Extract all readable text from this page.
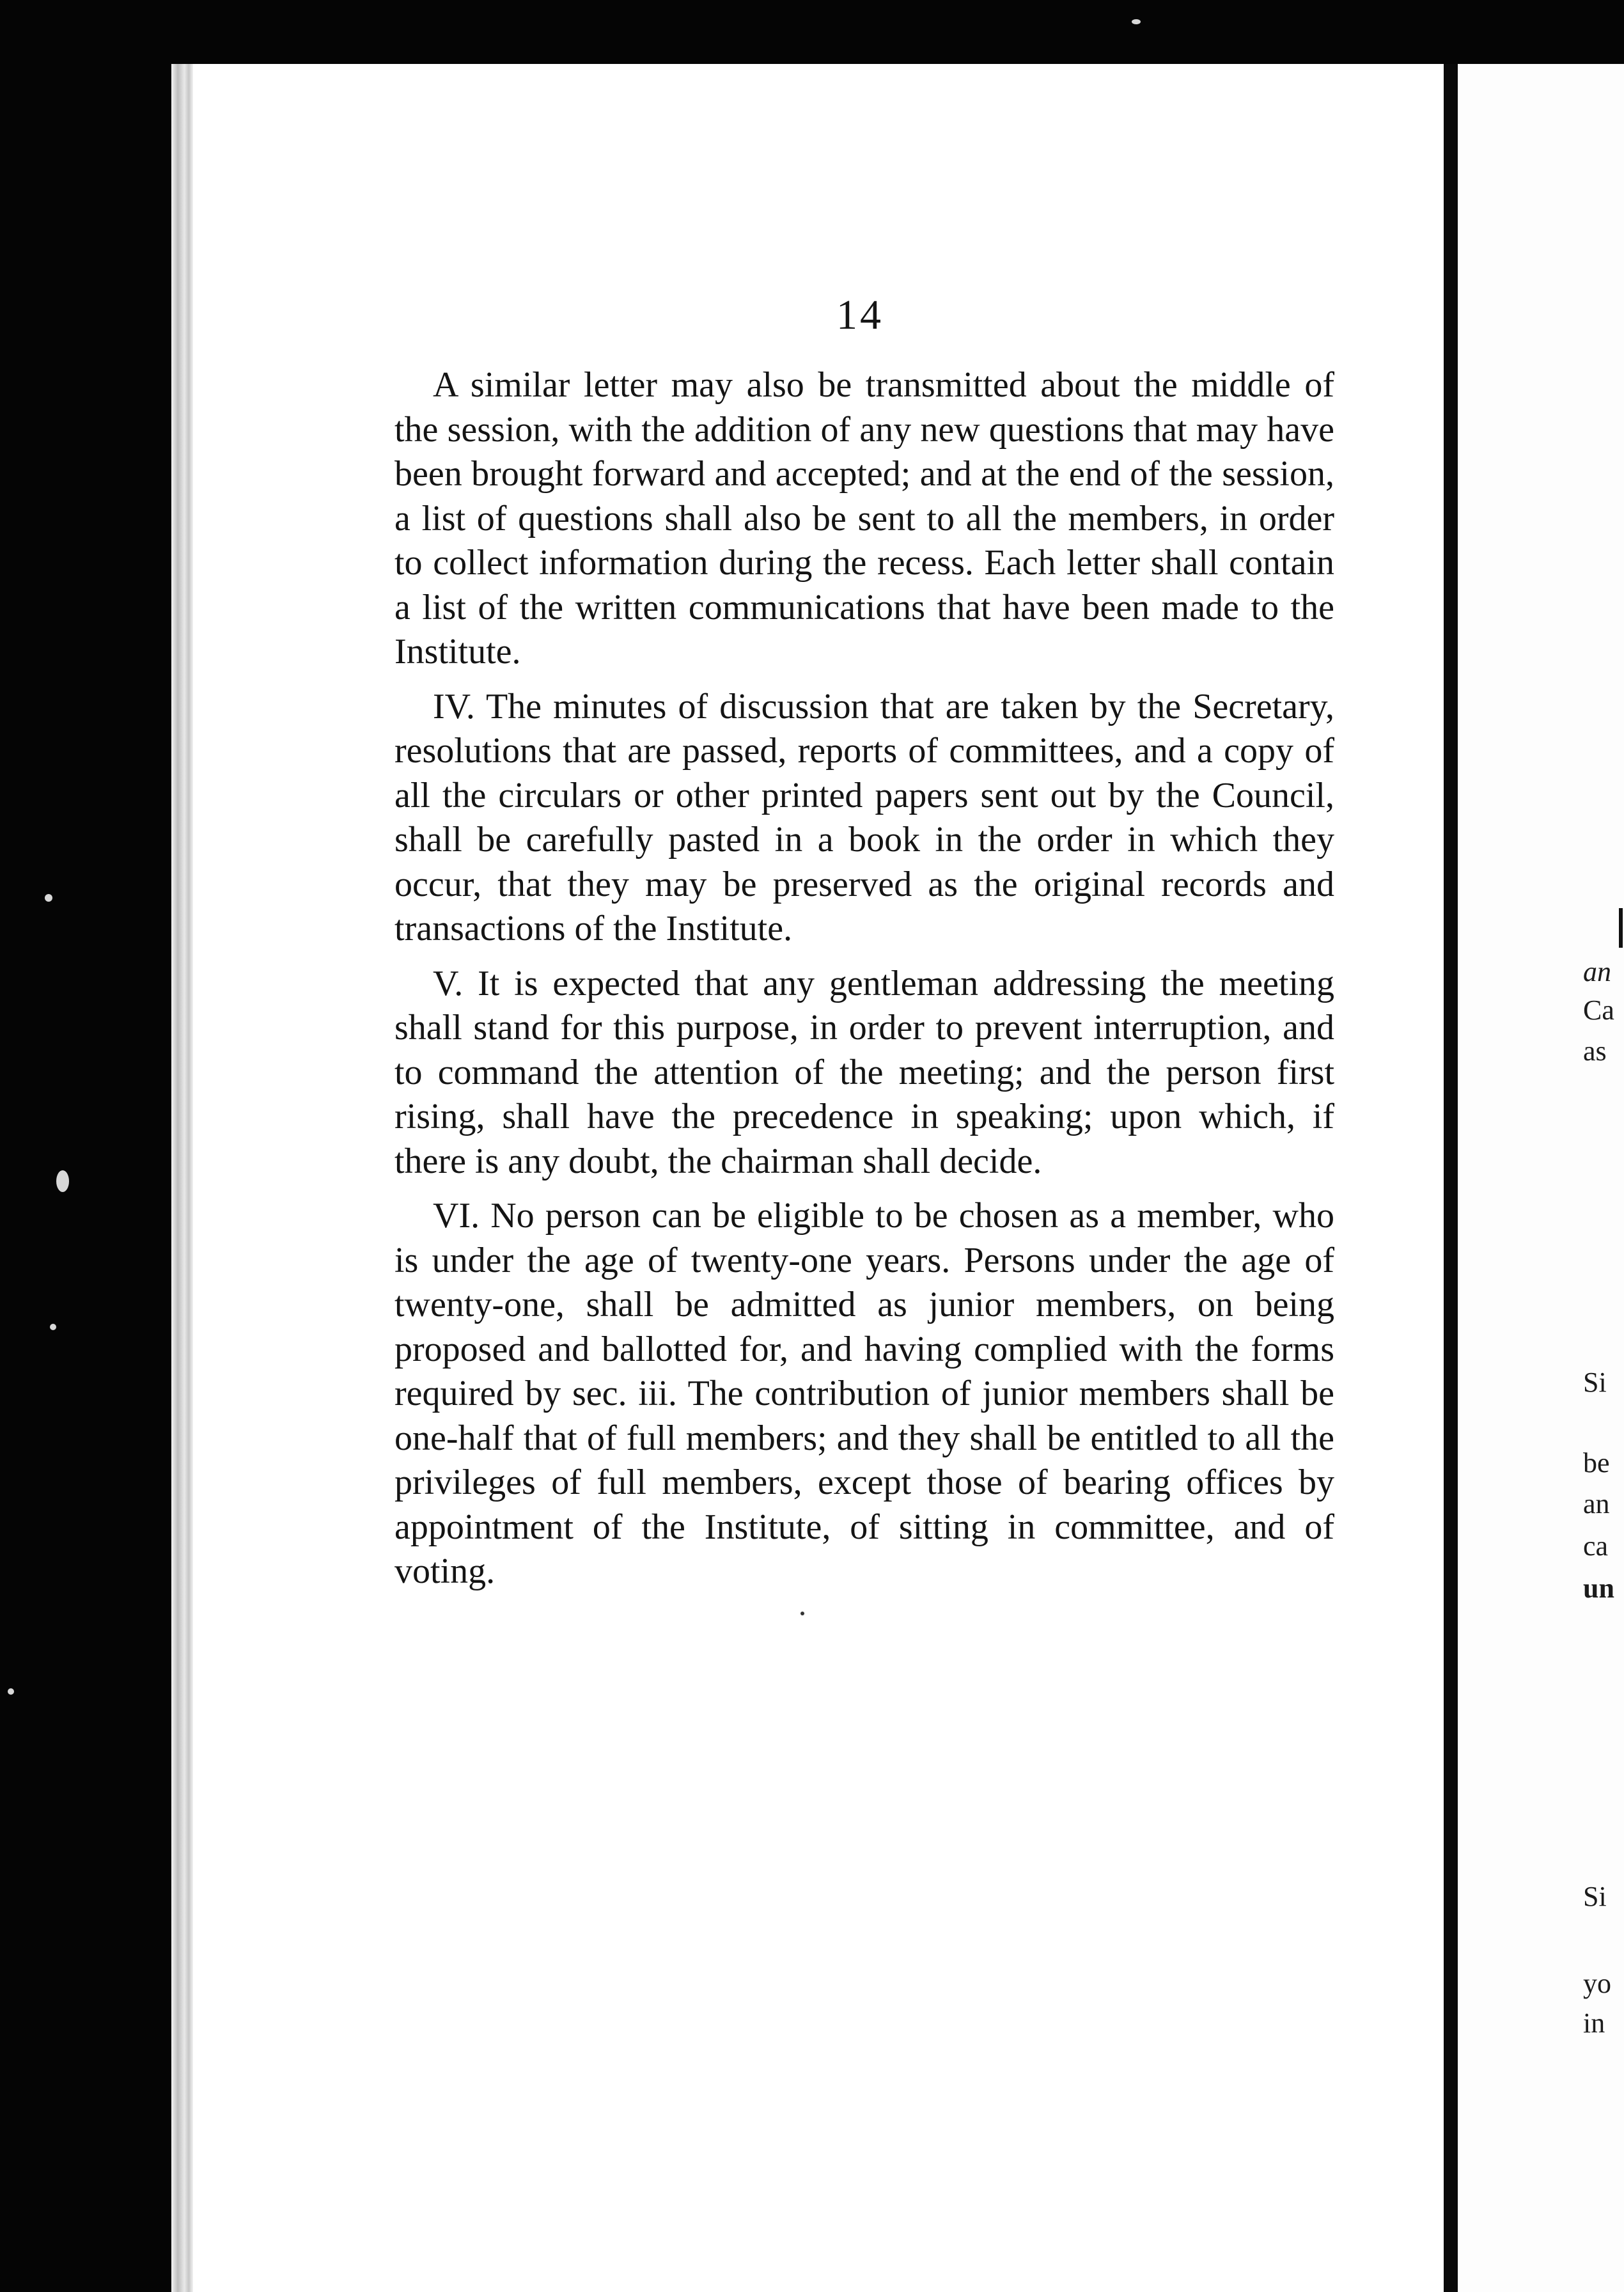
14

A similar letter may also be transmitted about the middle of the session, with the addition of any new questions that may have been brought forward and accepted; and at the end of the session, a list of questions shall also be sent to all the members, in order to collect information during the recess. Each letter shall contain a list of the written communications that have been made to the Institute.

IV. The minutes of discussion that are taken by the Secretary, resolutions that are passed, reports of committees, and a copy of all the circulars or other printed papers sent out by the Council, shall be carefully pasted in a book in the order in which they occur, that they may be preserved as the original records and transactions of the Institute.

V. It is expected that any gentleman addressing the meeting shall stand for this purpose, in order to prevent interruption, and to command the attention of the meeting; and the person first rising, shall have the precedence in speaking; upon which, if there is any doubt, the chairman shall decide.

VI. No person can be eligible to be chosen as a member, who is under the age of twenty-one years. Persons under the age of twenty-one, shall be admitted as junior members, on being proposed and ballotted for, and having complied with the forms required by sec. iii. The contribution of junior members shall be one-half that of full members; and they shall be entitled to all the privileges of full members, except those of bearing offices by appointment of the Institute, of sitting in committee, and of voting.

an
Ca
as
Si
be
an
ca
un
Si
yo
in
